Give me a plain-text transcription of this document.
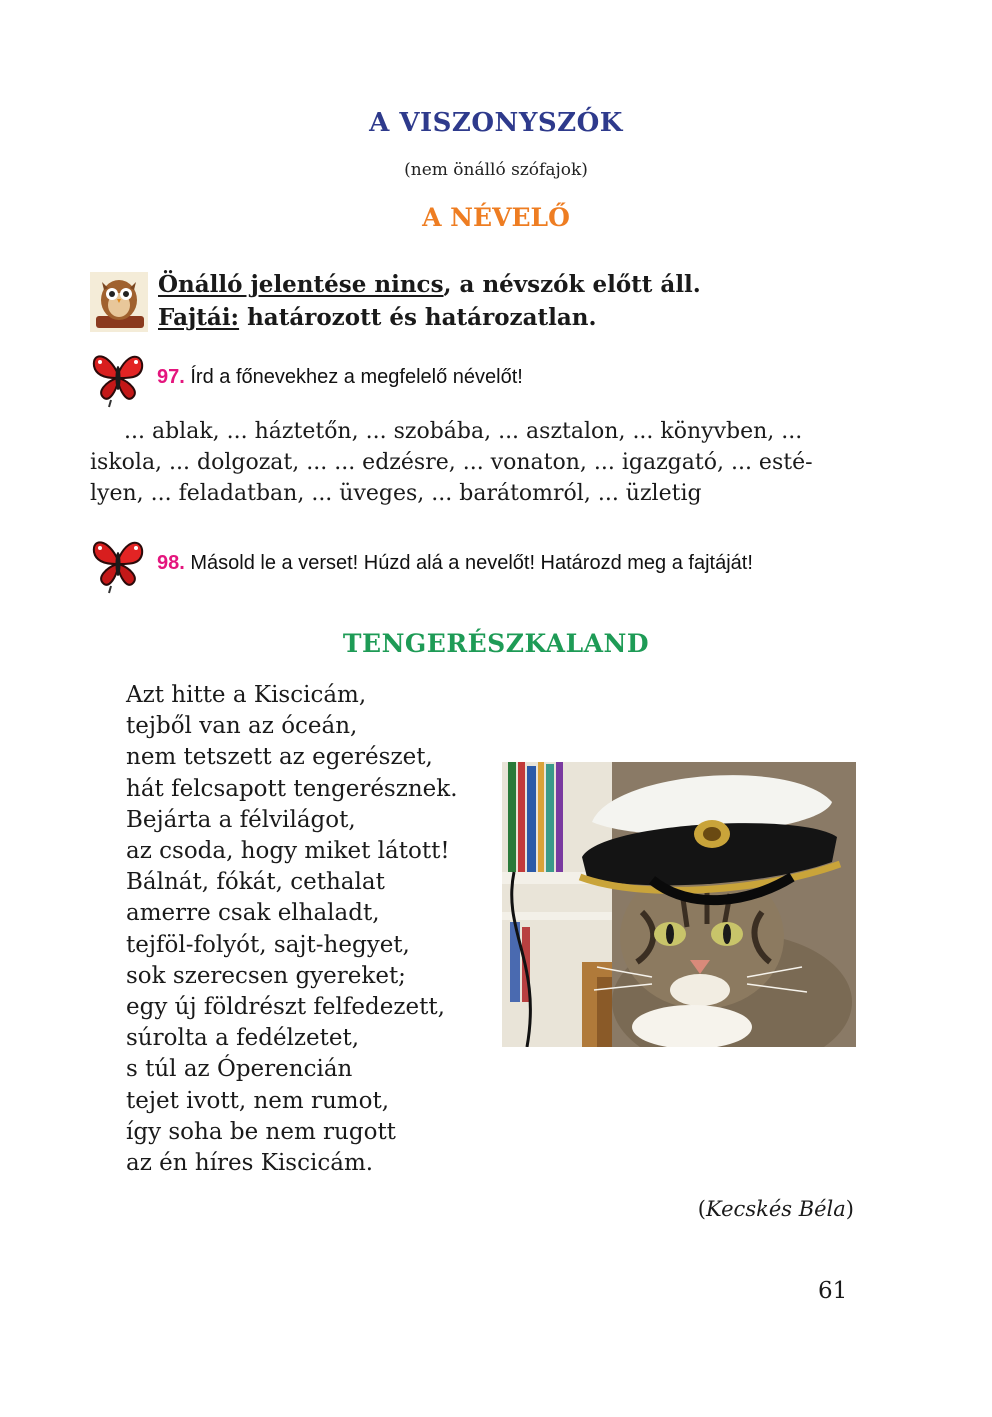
A VISZONYSZÓK
(nem önálló szófajok)
A NÉVELŐ
Önálló jelentése nincs, a névszók előtt áll.
Fajtái: határozott és határozatlan.
97. Írd a főnevekhez a megfelelő névelőt!
... ablak, ... háztetőn, ... szobába, ... asztalon, ... könyvben, ...
iskola, ... dolgozat, ... ... edzésre, ... vonaton, ... igazgató, ... esté-
lyen, ... feladatban, ... üveges, ... barátomról, ... üzletig
98. Másold le a verset! Húzd alá a nevelőt! Határozd meg a fajtáját!
TENGERÉSZKALAND
Azt hitte a Kiscicám,
tejből van az óceán,
nem tetszett az egerészet,
hát felcsapott tengerésznek.
Bejárta a félvilágot,
az csoda, hogy miket látott!
Bálnát, fókát, cethalat
amerre csak elhaladt,
tejföl-folyót, sajt-hegyet,
sok szerecsen gyereket;
egy új földrészt felfedezett,
súrolta a fedélzetet,
s túl az Óperencián
tejet ivott, nem rumot,
így soha be nem rugott
az én híres Kiscicám.
(Kecskés Béla)
61
